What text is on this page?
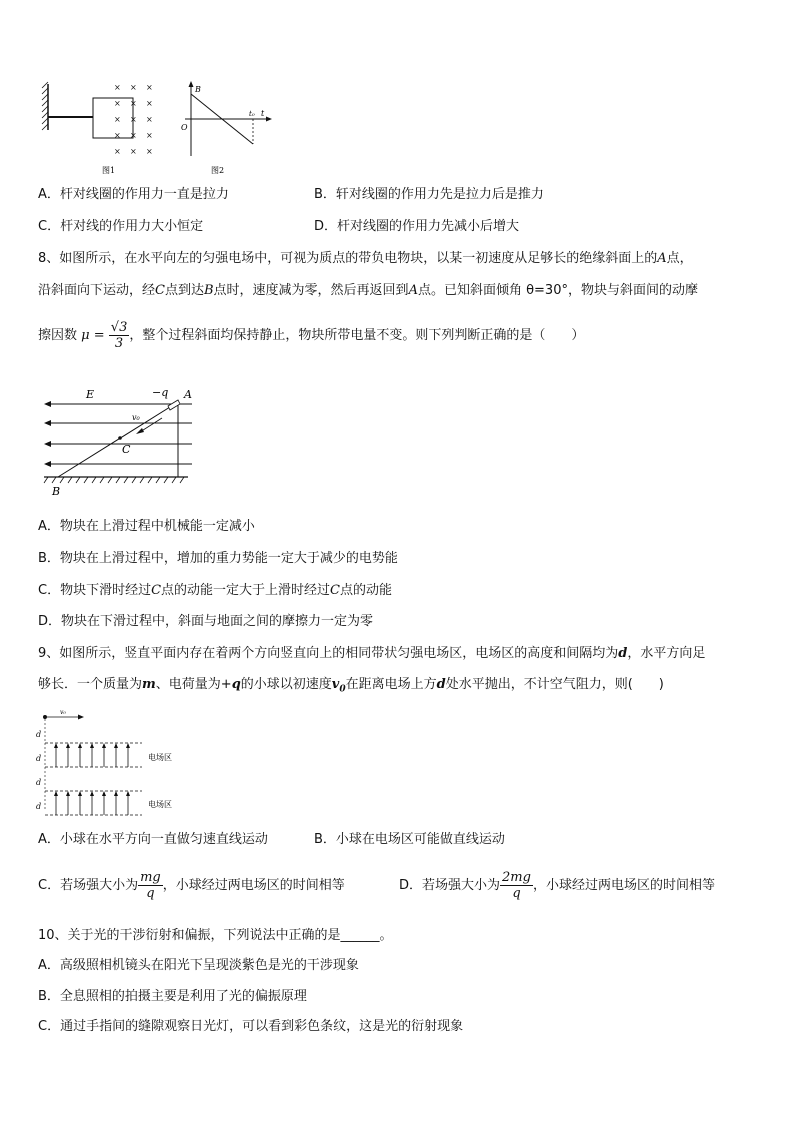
× × ×
× × ×
× × ×
× × ×
× × ×
图1
B
t
O
t₀
图2
A．杆对线圈的作用力一直是拉力	B．轩对线圈的作用力先是拉力后是推力
C．杆对线的作用力大小恒定	D．杆对线圈的作用力先减小后增大
8、如图所示，在水平向左的匀强电场中，可视为质点的带负电物块，以某一初速度从足够长的绝缘斜面上的A点，
沿斜面向下运动，经C点到达B点时，速度减为零，然后再返回到A点。已知斜面倾角 θ=30°，物块与斜面间的动摩
擦因数 $\mu = \frac{√3}{3}$ ，整个过程斜面均保持静止，物块所带电量不变。则下列判断正确的是（　　）
E	−q A
v₀
C
B
A．物块在上滑过程中机械能一定减小
B．物块在上滑过程中，增加的重力势能一定大于减少的电势能
C．物块下滑时经过C点的动能一定大于上滑时经过C点的动能
D．物块在下滑过程中，斜面与地面之间的摩擦力一定为零
9、如图所示，竖直平面内存在着两个方向竖直向上的相同带状匀强电场区，电场区的高度和间隔均为d，水平方向足
够长．一个质量为m、电荷量为+q的小球以初速度$v_0$在距离电场上方d处水平抛出，不计空气阻力，则(　　)
v₀
d
d
d
d
电场区
电场区
A．小球在水平方向一直做匀速直线运动	B．小球在电场区可能做直线运动
C．若场强大小为 $\frac{mg}{q}$ ，小球经过两电场区的时间相等	D．若场强大小为 $\frac{2mg}{q}$ ，小球经过两电场区的时间相等
10、关于光的干涉衍射和偏振，下列说法中正确的是______。
A．高级照相机镜头在阳光下呈现淡紫色是光的干涉现象
B．全息照相的拍摄主要是利用了光的偏振原理
C．通过手指间的缝隙观察日光灯，可以看到彩色条纹，这是光的衍射现象
